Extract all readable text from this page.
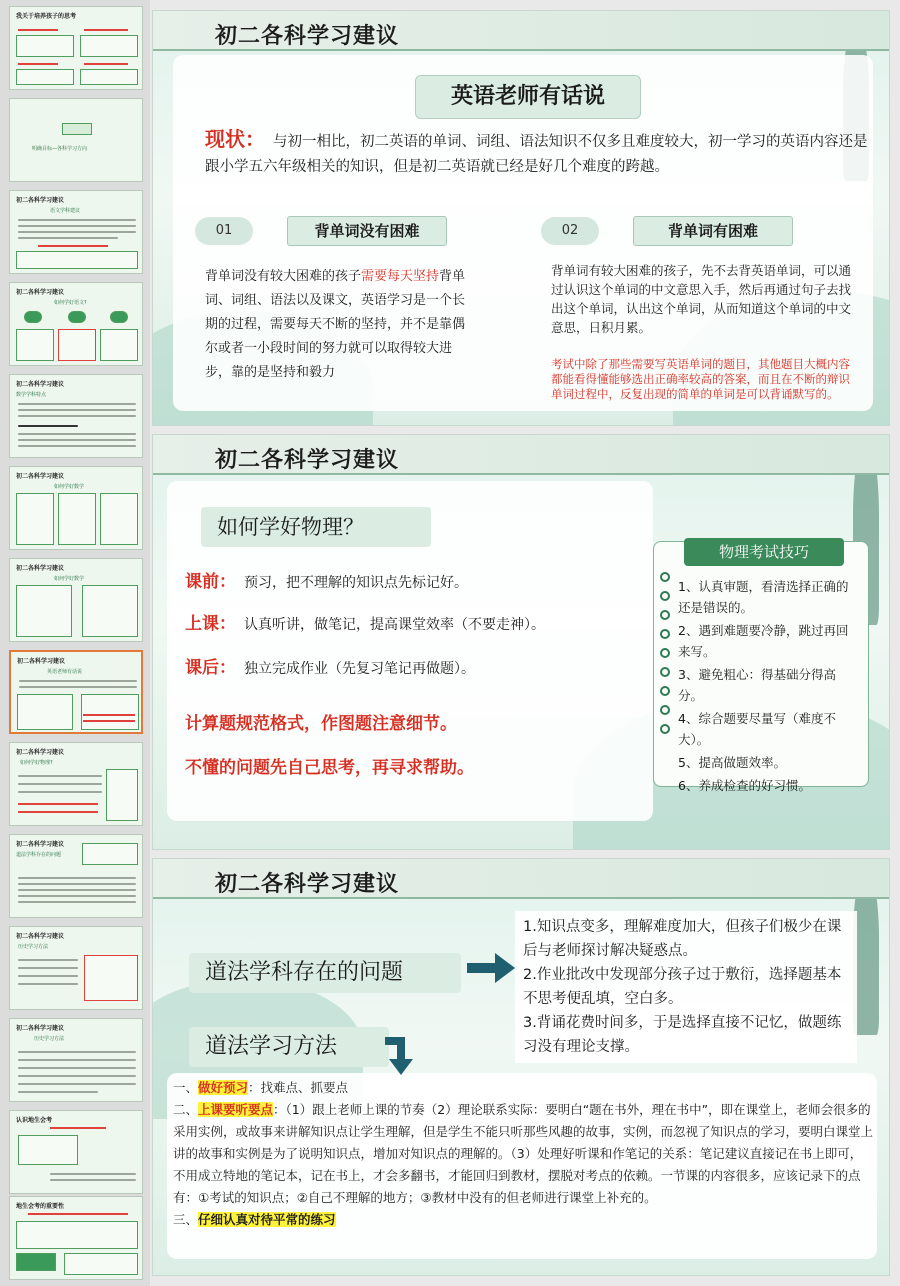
我关于培养孩子的思考
明确目标—各科学习方向
初二各科学习建议
语文学科建议
初二各科学习建议
如何学好语文?
初二各科学习建议
数学学科特点
初二各科学习建议
如何学好数学
初二各科学习建议
如何学好数学
初二各科学习建议
英语老师有话说
初二各科学习建议
如何学好物理?
初二各科学习建议
道法学科存在的问题
初二各科学习建议
历史学习方法
初二各科学习建议
历史学习方法
认识地生会考
地生会考的重要性
初二各科学习建议
英语老师有话说
现状： 与初一相比，初二英语的单词、词组、语法知识不仅多且难度较大，初一学习的英语内容还是跟小学五六年级相关的知识，但是初二英语就已经是好几个难度的跨越。
01	背单词没有困难
背单词没有较大困难的孩子需要每天坚持背单词、词组、语法以及课文，英语学习是一个长期的过程，需要每天不断的坚持，并不是靠偶尔或者一小段时间的努力就可以取得较大进步，靠的是坚持和毅力
02	背单词有困难
背单词有较大困难的孩子，先不去背英语单词，可以通过认识这个单词的中文意思入手，然后再通过句子去找出这个单词，认出这个单词，从而知道这个单词的中文意思，日积月累。
考试中除了那些需要写英语单词的题目，其他题目大概内容都能看得懂能够选出正确率较高的答案，而且在不断的辩识单词过程中，反复出现的简单的单词是可以背诵默写的。
初二各科学习建议
如何学好物理？
课前： 预习，把不理解的知识点先标记好。
上课： 认真听讲，做笔记，提高课堂效率（不要走神）。
课后： 独立完成作业（先复习笔记再做题）。
计算题规范格式，作图题注意细节。
不懂的问题先自己思考，再寻求帮助。
物理考试技巧
1、认真审题，看清选择正确的还是错误的。
2、遇到难题要冷静，跳过再回来写。
3、避免粗心：得基础分得高分。
4、综合题要尽量写（难度不大）。
5、提高做题效率。
6、养成检查的好习惯。
初二各科学习建议
道法学科存在的问题
1.知识点变多，理解难度加大，但孩子们极少在课后与老师探讨解决疑惑点。
2.作业批改中发现部分孩子过于敷衍，选择题基本不思考便乱填，空白多。
3.背诵花费时间多，于是选择直接不记忆，做题练习没有理论支撑。
道法学习方法
一、做好预习：找难点、抓要点
二、上课要听要点：（1）跟上老师上课的节奏（2）理论联系实际：要明白“题在书外，理在书中”，即在课堂上，老师会很多的采用实例，或故事来讲解知识点让学生理解，但是学生不能只听那些风趣的故事，实例，而忽视了知识点的学习，要明白课堂上讲的故事和实例是为了说明知识点，增加对知识点的理解的。（3）处理好听课和作笔记的关系：笔记建议直接记在书上即可，不用成立特地的笔记本，记在书上，才会多翻书，才能回归到教材，摆脱对考点的依赖。一节课的内容很多，应该记录下的点有：①考试的知识点；②自己不理解的地方；③教材中没有的但老师进行课堂上补充的。
三、仔细认真对待平常的练习
